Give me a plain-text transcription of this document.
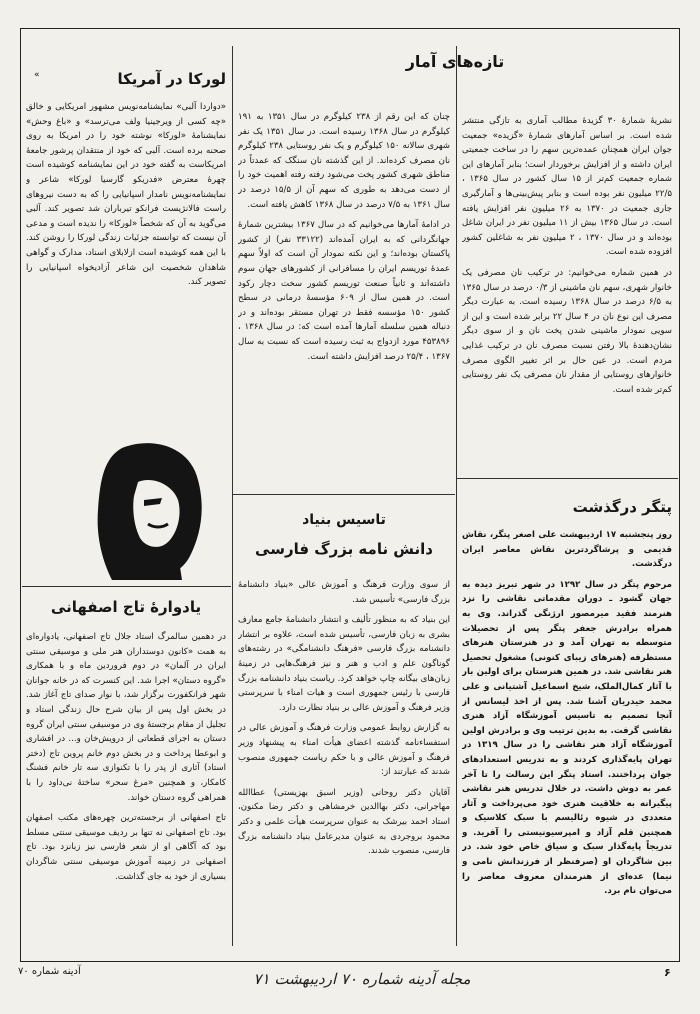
«
تازه‌های آمار

نشریهٔ شمارهٔ ۳۰ گزیدهٔ مطالب آماری به تازگی منتشر شده است. بر اساس آمارهای شمارهٔ «گزیده» جمعیت جوان ایران همچنان عمده‌ترین سهم را در ساخت جمعیتی ایران داشته و از افزایش برخوردار است؛ بنابر آمارهای این شماره جمعیت کم‌تر از ۱۵ سال کشور در سال ۱۳۶۵ ، ۲۲/۵ میلیون نفر بوده است و بنابر پیش‌بینی‌ها و آمارگیری جاری جمعیت در ۱۳۷۰ به ۲۶ میلیون نفر افزایش یافته است. در سال ۱۳۶۵ بیش از ۱۱ میلیون نفر در ایران شاغل بوده‌اند و در سال ۱۳۷۰ ، ۲ میلیون نفر به شاغلین کشور افزوده شده است.

در همین شماره می‌خوانیم: در ترکیب نان مصرفی یک خانوار شهری، سهم نان ماشینی از ۰/۳ درصد در سال ۱۳۶۵ به ۶/۵ درصد در سال ۱۳۶۸ رسیده است. به عبارت دیگر مصرف این نوع نان در ۴ سال ۲۲ برابر شده است و این از سویی نمودار ماشینی شدن پخت نان و از سوی دیگر نشان‌دهندهٔ بالا رفتن نسبت مصرف نان در ترکیب غذایی مردم است. در عین حال بر اثر تغییر الگوی مصرف خانوارهای روستایی از مقدار نان مصرفی یک نفر روستایی کم‌تر شده است.

چنان که این رقم از ۲۳۸ کیلوگرم در سال ۱۳۵۱ به ۱۹۱ کیلوگرم در سال ۱۳۶۸ رسیده است. در سال ۱۳۵۱ یک نفر شهری سالانه ۱۵۰ کیلوگرم و یک نفر روستایی ۲۳۸ کیلوگرم نان مصرف کرده‌اند. از این گذشته نان سنگک که عمدتاً در مناطق شهری کشور پخت می‌شود رفته رفته اهمیت خود را از دست می‌دهد به طوری که سهم آن از ۱۵/۵ درصد در سال ۱۳۶۱ به ۷/۵ درصد در سال ۱۳۶۸ کاهش یافته است.

در ادامهٔ آمارها می‌خوانیم که در سال ۱۳۶۷ بیشترین شمارهٔ جهانگردانی که به ایران آمده‌اند (۳۳۱۲۲ نفر) از کشور پاکستان بوده‌اند؛ و این نکته نمودار آن است که اولاً سهم عمدهٔ توریسم ایران را مسافرانی از کشورهای جهان سوم داشته‌اند و ثانیاً صنعت توریسم کشور سخت دچار رکود است. در همین سال از ۶۰۹ مؤسسهٔ درمانی در سطح کشور ۱۵۰ مؤسسه فقط در تهران مستقر بوده‌اند و در دنباله همین سلسله آمارها آمده است که: در سال ۱۳۶۸ ، ۴۵۳۸۹۶ مورد ازدواج به ثبت رسیده است که نسبت به سال ۱۳۶۷ ، ۲۵/۴ درصد افزایش داشته است.

لورکا در آمریکا

«دواردا آلبی» نمایشنامه‌نویس مشهور امریکایی و خالق «چه کسی از ویرجینیا ولف می‌ترسد» و «باغ وحش» نمایشنامهٔ «لورکا» نوشته خود را در امریکا به روی صحنه برده است. آلبی که خود از منتقدان پرشور جامعهٔ امریکاست به گفته خود در این نمایشنامه کوشیده است چهرهٔ معترض «فدریکو گارسیا لورکا» شاعر و نمایشنامه‌نویس نامدار اسپانیایی را که به دست نیروهای راست فالانژیست فرانکو تیرباران شد تصویر کند. آلبی می‌گوید به آن که شخصاً «لورکا» را ندیده است و مدعی آن نیست که توانسته جزئیات زندگی لورکا را روشن کند. با این همه کوشیده است ازلابلای اسناد، مدارک و گواهی شاهدان شخصیت این شاعر آزادیخواه اسپانیایی را تصویر کند.

یادوارهٔ تاج اصفهانی

در دهمین سالمرگ استاد جلال تاج اصفهانی، یادواره‌ای به همت «کانون دوستداران هنر ملی و موسیقی سنتی ایران در آلمان» در دوم فروردین ماه و با همکاری «گروه دستان» اجرا شد. این کنسرت که در خانه جوانان شهر فرانکفورت برگزار شد، با نوار صدای تاج آغاز شد. در بخش اول پس از بیان شرح حال زندگی استاد و تجلیل از مقام برجستهٔ وی در موسیقی سنتی ایران گروه دستان به اجرای قطعاتی از درویش‌خان و... در افشاری و ابوعطا پرداخت و در بخش دوم خانم پروین تاج (دختر استاد) آثاری از پدر را با تکنوازی سه تار خانم فشنگ کامکار، و همچنین «مرغ سحر» ساختهٔ نی‌داود را با همراهی گروه دستان خواند.

تاج اصفهانی از برجسته‌ترین چهره‌های مکتب اصفهان بود. تاج اصفهانی نه تنها بر ردیف موسیقی سنتی مسلط بود که آگاهی او از شعر فارسی نیز زبانزد بود. تاج اصفهانی در زمینه آموزش موسیقی سنتی شاگردان بسیاری از خود به جای گذاشت.

تاسیس بنیاد
دانش نامه بزرگ فارسی

از سوی وزارت فرهنگ و آموزش عالی «بنیاد دانشنامهٔ بزرگ فارسی» تأسیس شد.

این بنیاد که به منظور تألیف و انتشار دانشنامهٔ جامع معارف بشری به زبان فارسی، تأسیس شده است، علاوه بر انتشار دانشنامه بزرگ فارسی «فرهنگ دانشنامگی» در رشته‌های گوناگون علم و ادب و هنر و نیز فرهنگ‌هایی در زمینهٔ زبان‌های بیگانه چاپ خواهد کرد. ریاست بنیاد دانشنامه بزرگ فارسی با رئیس جمهوری است و هیات امناء با سرپرستی وزیر فرهنگ و آموزش عالی بر بنیاد نظارت دارد.

به گزارش روابط عمومی وزارت فرهنگ و آموزش عالی در استفساءنامه گذشته اعضای هیأت امناء به پیشنهاد وزیر فرهنگ و آموزش عالی و با حکم ریاست جمهوری منصوب شدند که عبارتند از:

آقایان دکتر روحانی (وزیر اسبق بهزیستی) عطاالله مهاجرانی، دکتر بهاالدین خرمشاهی و دکتر رضا مکنون، استاد احمد بیرشک به عنوان سرپرست هیأت علمی و دکتر محمود بروجردی به عنوان مدیرعامل بنیاد دانشنامه بزرگ فارسی، منصوب شدند.

پتگر درگذشت

روز پنجشنبه ۱۷ اردیبهشت علی اصغر پتگر، نقاش قدیمی و پرشاگردترین نقاش معاصر ایران درگذشت.

مرحوم پتگر در سال ۱۲۹۲ در شهر تبریز دیده به جهان گشود ـ دوران مقدماتی نقاشی را نزد هنرمند فقید میرمصور ارژنگی گذراند. وی به همراه برادرش جعفر پتگر پس از تحصیلات متوسطه به تهران آمد و در هنرستان هنرهای مستظرفه (هنرهای زیبای کنونی) مشغول تحصیل هنر نقاشی شد. در همین هنرستان برای اولین بار با آثار کمال‌الملک، شیخ اسماعیل آشتیانی و علی محمد حیدریان آشنا شد. پس از اخذ لیسانس از آنجا تصمیم به تاسیس آموزشگاه آزاد هنری نقاشی گرفت. به بدین ترتیب وی و برادرش اولین آموزشگاه آزاد هنر نقاشی را در سال ۱۳۱۹ در تهران پایه‌گذاری کردند و به تدریس استعدادهای جوان پرداختند. استاد پتگر این رسالت را تا آخر عمر به دوش داشت. در خلال تدریس هنر نقاشی پیگیرانه به خلاقیت هنری خود می‌پرداخت و آثار متعددی در شیوه رئالیسم با سبک کلاسیک و همچنین قلم آزاد و امپرسیونیستی را آفرید. و تدریجاً پایه‌گذار سبک و سیاق خاص خود شد. در بین شاگردان او (صرفنظر از فرزندانش نامی و نیما) عده‌ای از هنرمندان معروف معاصر را می‌توان نام برد.

آدینه شماره ۷۰	مجله آدینه شماره ۷۰ اردیبهشت ۷۱	۶
